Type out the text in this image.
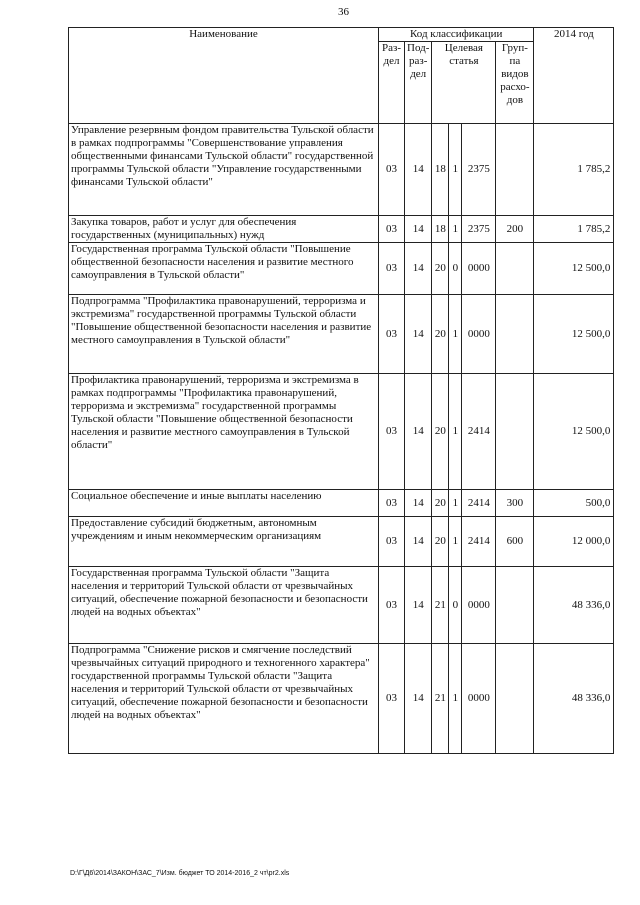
36
Наименование	Код классификации						2014 год
	Раз-дел	Под-раз-дел	Целевая статья			Груп-па видов расхо-дов	
Управление резервным фондом правительства Тульской области в рамках подпрограммы "Совершенствование управления общественными финансами Тульской области" государственной программы Тульской области "Управление государственными финансами Тульской области"	03	14	18	1	2375		1 785,2
Закупка товаров, работ и услуг для обеспечения государственных (муниципальных) нужд	03	14	18	1	2375	200	1 785,2
Государственная программа Тульской области "Повышение общественной безопасности населения и развитие местного самоуправления в Тульской области"	03	14	20	0	0000		12 500,0
Подпрограмма "Профилактика правонарушений, терроризма и экстремизма" государственной программы Тульской области "Повышение общественной безопасности населения и развитие местного самоуправления в Тульской области"	03	14	20	1	0000		12 500,0
Профилактика правонарушений, терроризма и экстремизма в рамках подпрограммы "Профилактика правонарушений, терроризма и экстремизма" государственной программы Тульской области "Повышение общественной безопасности населения и развитие местного самоуправления в Тульской области"	03	14	20	1	2414		12 500,0
Социальное обеспечение и иные выплаты населению	03	14	20	1	2414	300	500,0
Предоставление субсидий бюджетным, автономным учреждениям и иным некоммерческим организациям	03	14	20	1	2414	600	12 000,0
Государственная программа Тульской области "Защита населения и территорий Тульской области от чрезвычайных ситуаций, обеспечение пожарной безопасности и безопасности людей на водных объектах"	03	14	21	0	0000		48 336,0
Подпрограмма "Снижение рисков и смягчение последствий чрезвычайных ситуаций природного и техногенного характера" государственной программы Тульской области "Защита населения и территорий Тульской области от чрезвычайных ситуаций, обеспечение пожарной безопасности и безопасности людей на водных объектах"	03	14	21	1	0000		48 336,0
D:\Г\Д6\2014\ЗАКОН\ЗАС_7\Изм. бюджет ТО 2014-2016_2 чт\pr2.xls
